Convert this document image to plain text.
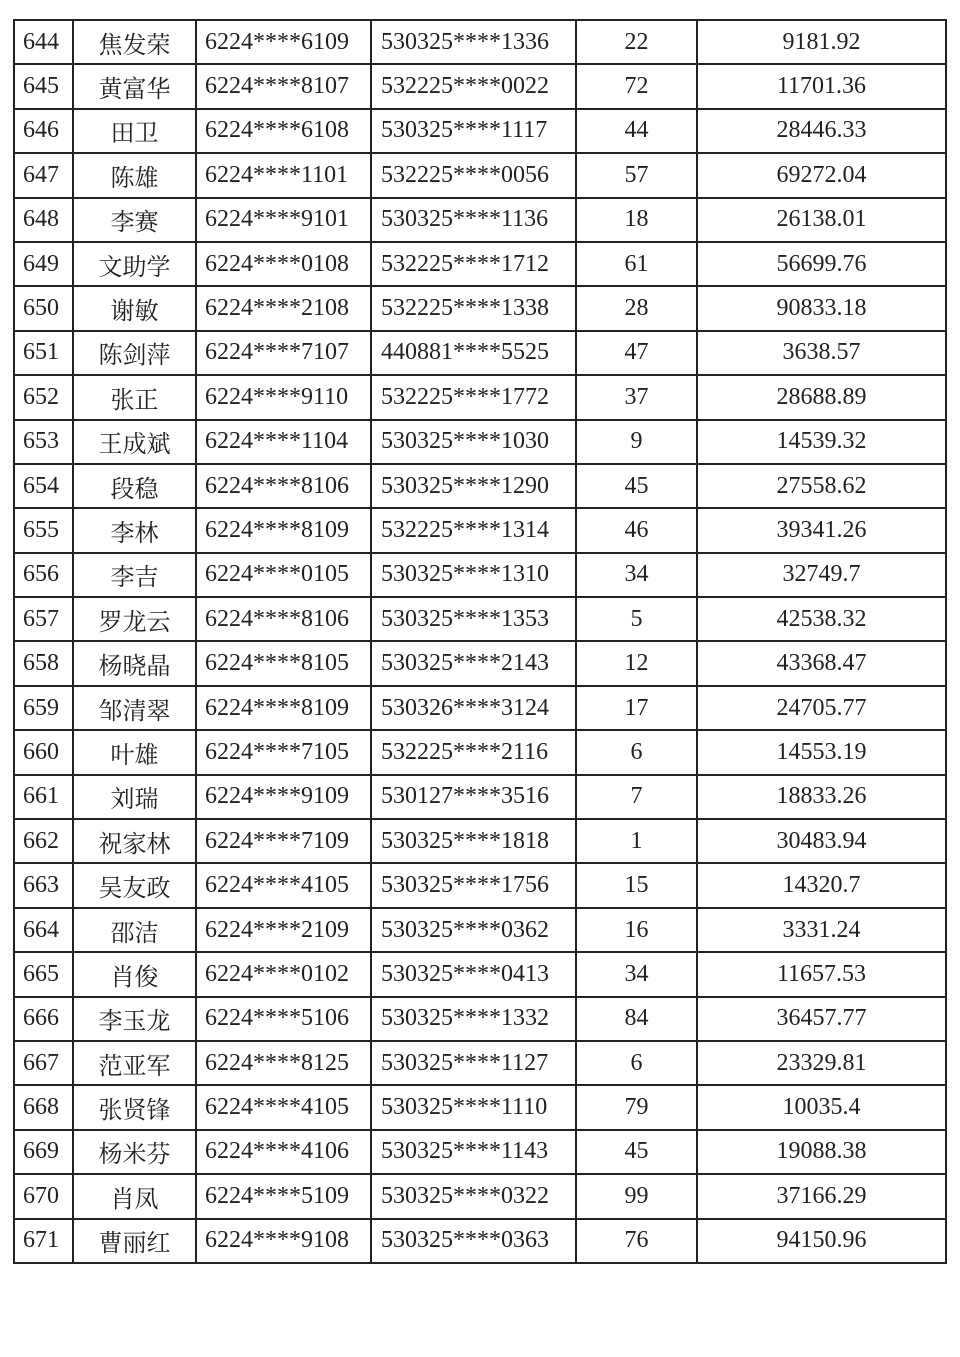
644	焦发荣	6224****6109	530325****1336	22	9181.92
645	黄富华	6224****8107	532225****0022	72	11701.36
646	田卫	6224****6108	530325****1117	44	28446.33
647	陈雄	6224****1101	532225****0056	57	69272.04
648	李赛	6224****9101	530325****1136	18	26138.01
649	文助学	6224****0108	532225****1712	61	56699.76
650	谢敏	6224****2108	532225****1338	28	90833.18
651	陈剑萍	6224****7107	440881****5525	47	3638.57
652	张正	6224****9110	532225****1772	37	28688.89
653	王成斌	6224****1104	530325****1030	9	14539.32
654	段稳	6224****8106	530325****1290	45	27558.62
655	李林	6224****8109	532225****1314	46	39341.26
656	李吉	6224****0105	530325****1310	34	32749.7
657	罗龙云	6224****8106	530325****1353	5	42538.32
658	杨晓晶	6224****8105	530325****2143	12	43368.47
659	邹清翠	6224****8109	530326****3124	17	24705.77
660	叶雄	6224****7105	532225****2116	6	14553.19
661	刘瑞	6224****9109	530127****3516	7	18833.26
662	祝家林	6224****7109	530325****1818	1	30483.94
663	吴友政	6224****4105	530325****1756	15	14320.7
664	邵洁	6224****2109	530325****0362	16	3331.24
665	肖俊	6224****0102	530325****0413	34	11657.53
666	李玉龙	6224****5106	530325****1332	84	36457.77
667	范亚军	6224****8125	530325****1127	6	23329.81
668	张贤锋	6224****4105	530325****1110	79	10035.4
669	杨米芬	6224****4106	530325****1143	45	19088.38
670	肖凤	6224****5109	530325****0322	99	37166.29
671	曹丽红	6224****9108	530325****0363	76	94150.96
